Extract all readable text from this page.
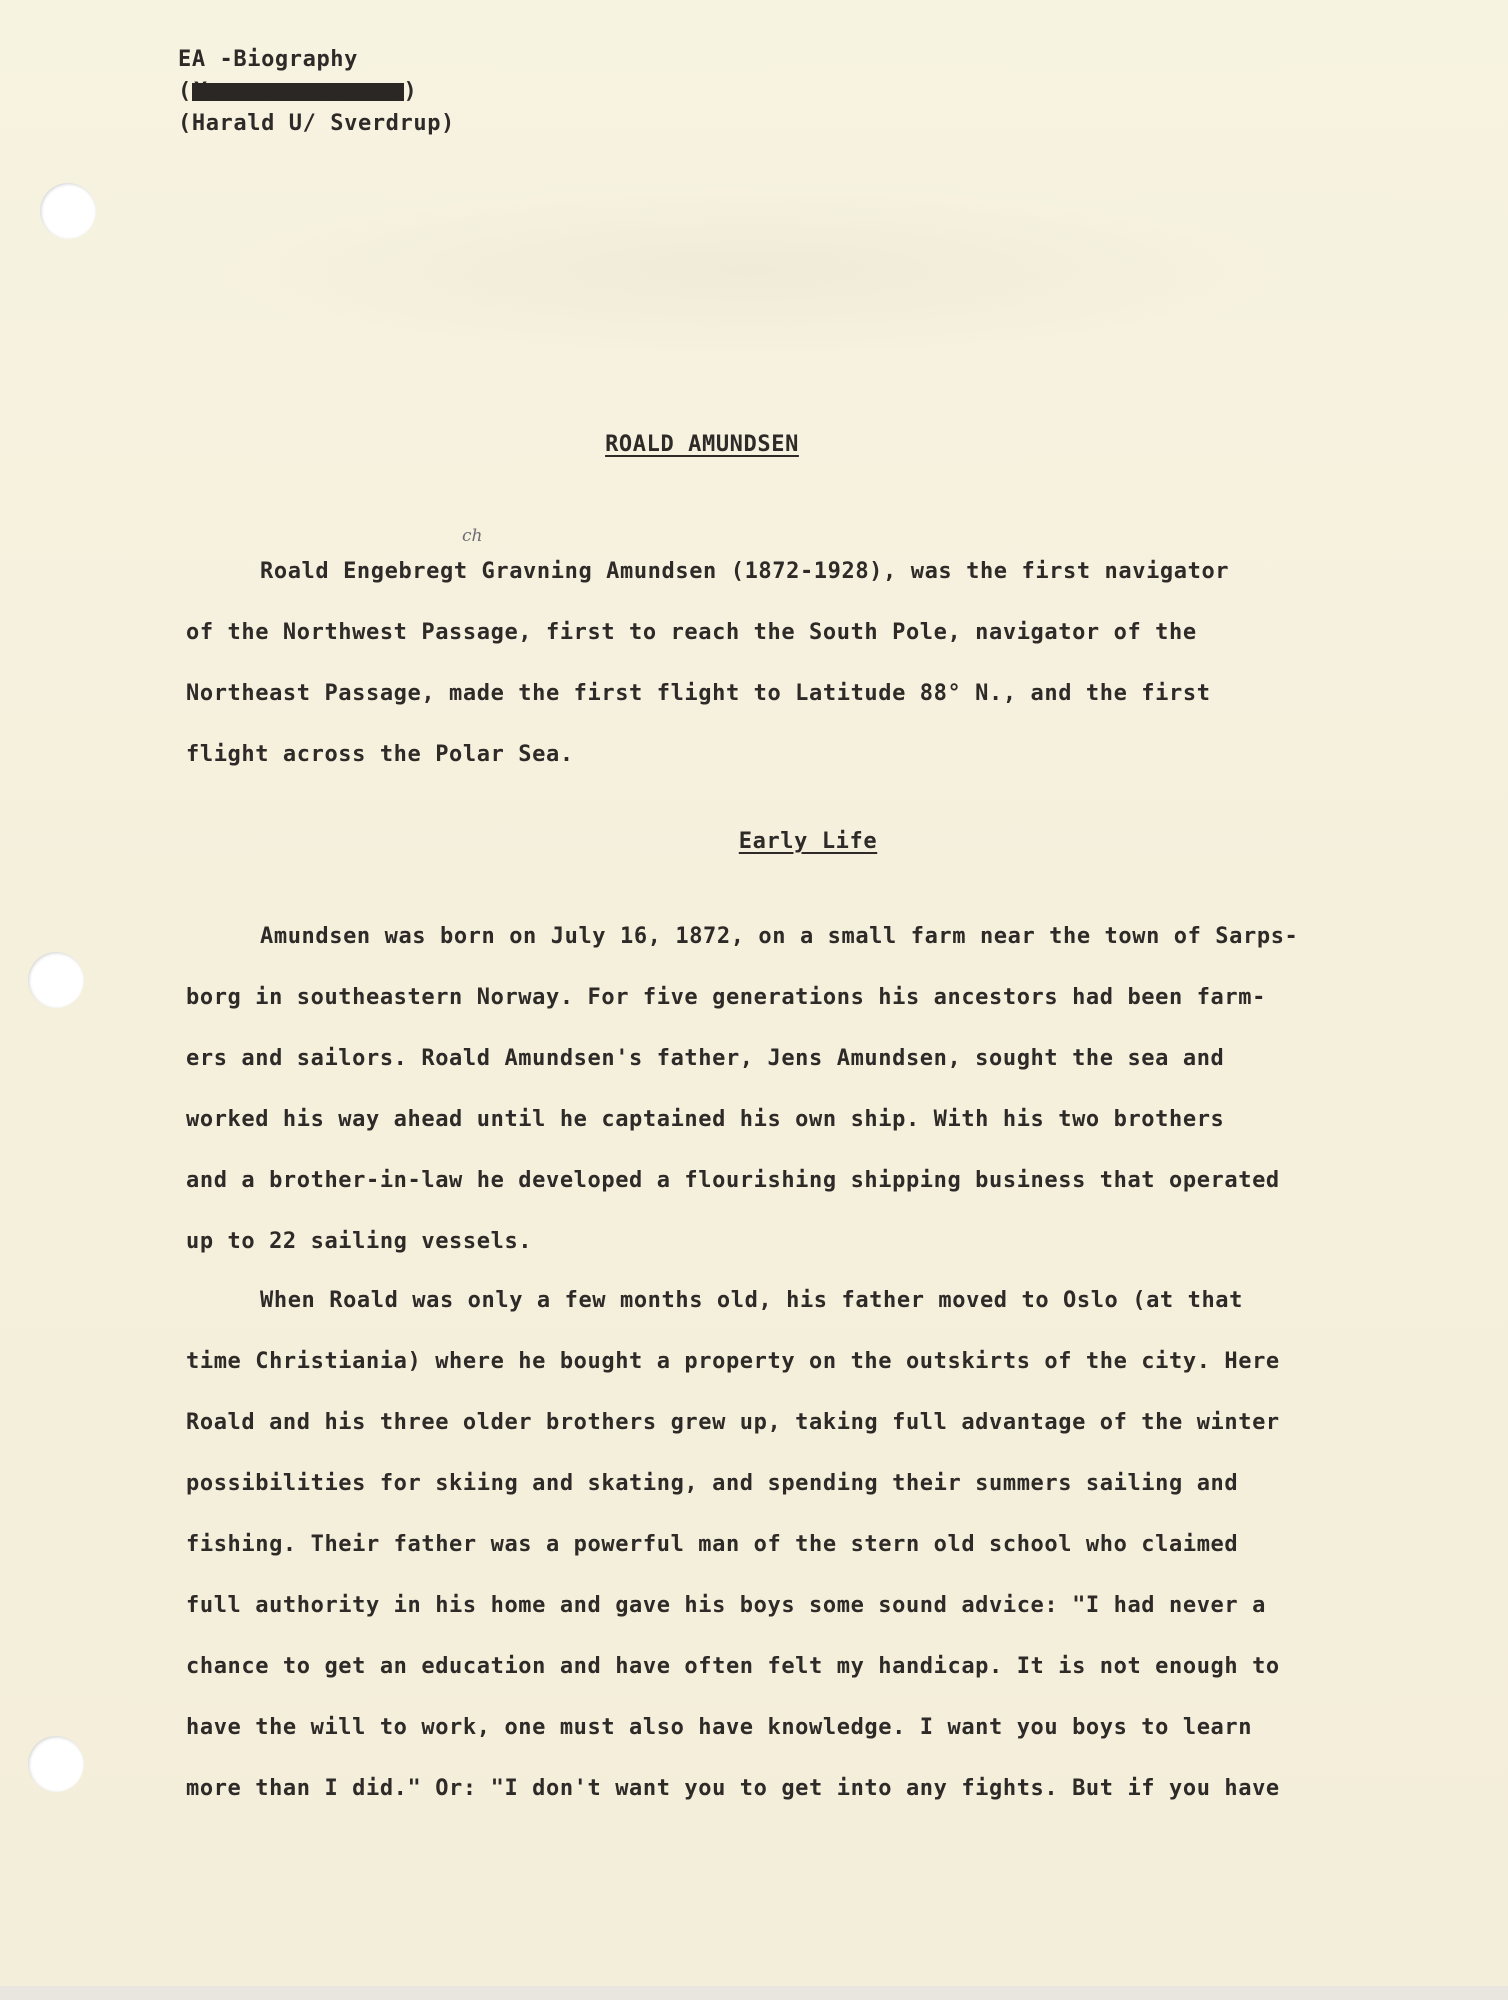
EA -Biography
(Xxxxxxxxxxxxxxx)
(Harald U/ Sverdrup)
ROALD AMUNDSEN
ch
Roald Engebregt Gravning Amundsen (1872-1928), was the first navigator
of the Northwest Passage, first to reach the South Pole, navigator of the
Northeast Passage, made the first flight to Latitude 88° N., and the first
flight across the Polar Sea.
Early Life
Amundsen was born on July 16, 1872, on a small farm near the town of Sarps-
borg in southeastern Norway. For five generations his ancestors had been farm-
ers and sailors. Roald Amundsen's father, Jens Amundsen, sought the sea and
worked his way ahead until he captained his own ship. With his two brothers
and a brother-in-law he developed a flourishing shipping business that operated
up to 22 sailing vessels.
When Roald was only a few months old, his father moved to Oslo (at that
time Christiania) where he bought a property on the outskirts of the city. Here
Roald and his three older brothers grew up, taking full advantage of the winter
possibilities for skiing and skating, and spending their summers sailing and
fishing. Their father was a powerful man of the stern old school who claimed
full authority in his home and gave his boys some sound advice: "I had never a
chance to get an education and have often felt my handicap. It is not enough to
have the will to work, one must also have knowledge. I want you boys to learn
more than I did." Or: "I don't want you to get into any fights. But if you have
